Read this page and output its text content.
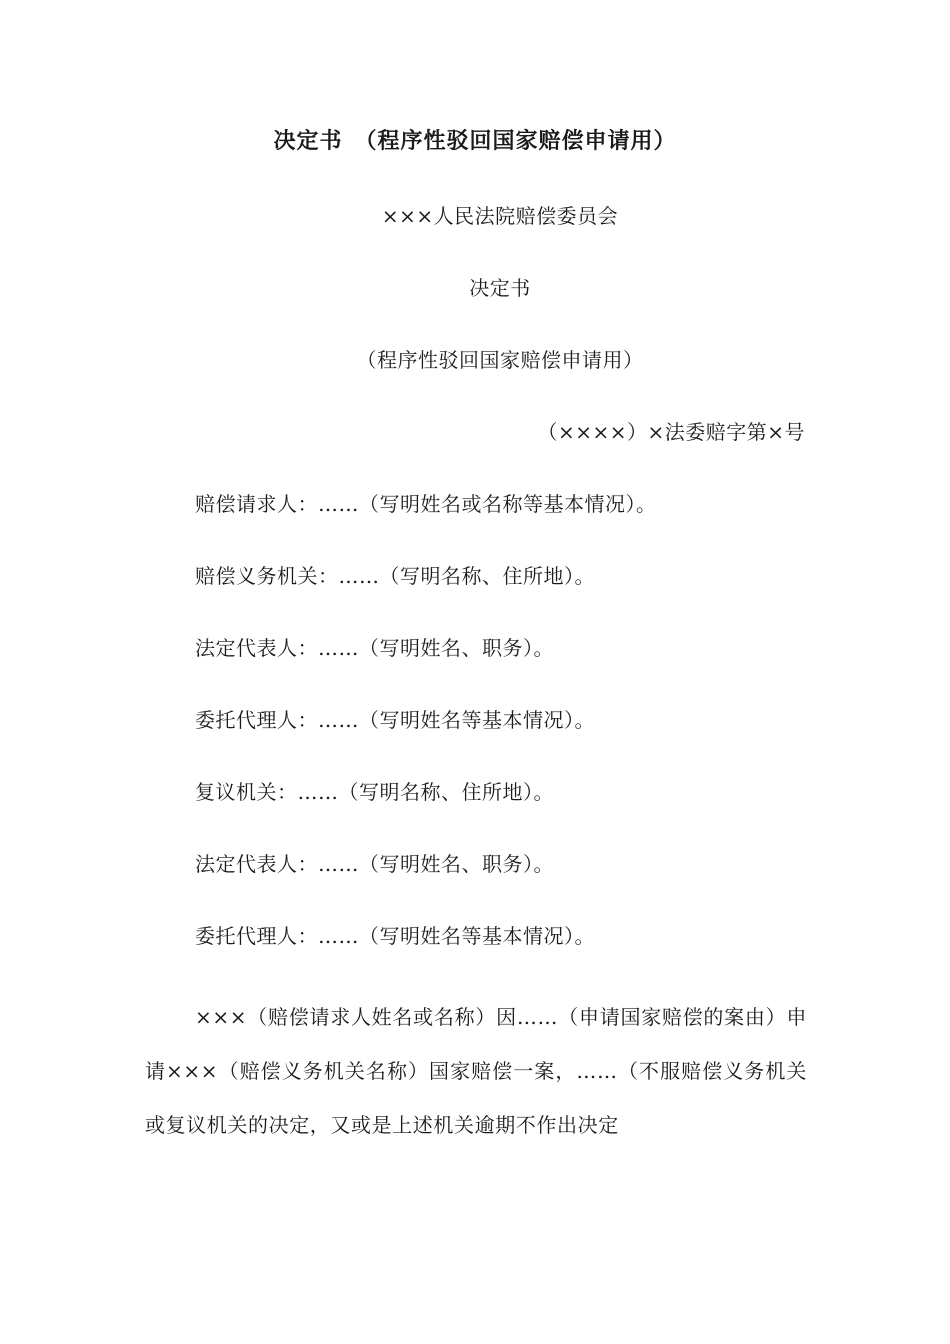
决定书　（程序性驳回国家赔偿申请用）
×××人民法院赔偿委员会
决定书
（程序性驳回国家赔偿申请用）
（××××）×法委赔字第×号
赔偿请求人：……（写明姓名或名称等基本情况）。
赔偿义务机关：……（写明名称、住所地）。
法定代表人：……（写明姓名、职务）。
委托代理人：……（写明姓名等基本情况）。
复议机关：……（写明名称、住所地）。
法定代表人：……（写明姓名、职务）。
委托代理人：……（写明姓名等基本情况）。
×××（赔偿请求人姓名或名称）因……（申请国家赔偿的案由）申请×××（赔偿义务机关名称）国家赔偿一案，……（不服赔偿义务机关或复议机关的决定，又或是上述机关逾期不作出决定
